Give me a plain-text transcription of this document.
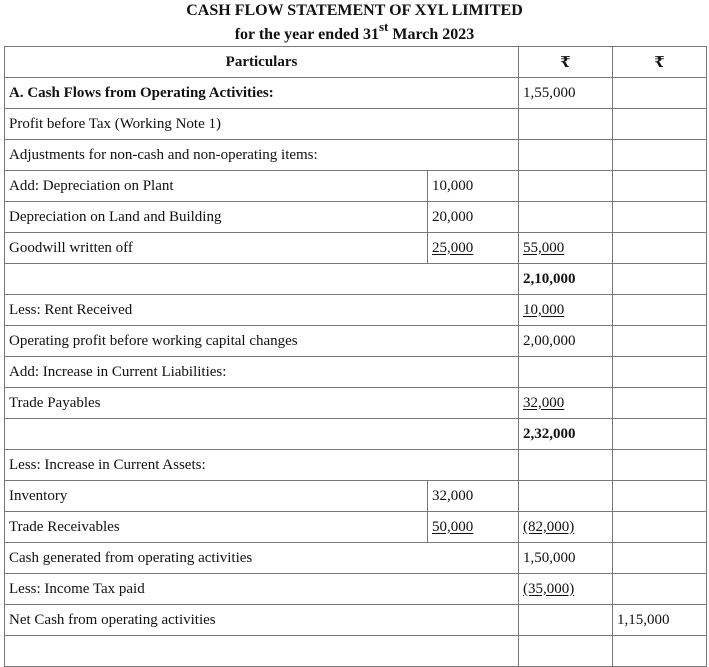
CASH FLOW STATEMENT OF XYL LIMITED
for the year ended 31st March 2023
Particulars		₹	₹
A. Cash Flows from Operating Activities:		1,55,000	
Profit before Tax (Working Note 1)			
Adjustments for non-cash and non-operating items:			
Add: Depreciation on Plant	10,000		
Depreciation on Land and Building	20,000		
Goodwill written off	25,000	55,000	
		2,10,000	
Less: Rent Received		10,000	
Operating profit before working capital changes		2,00,000	
Add: Increase in Current Liabilities:			
Trade Payables		32,000	
		2,32,000	
Less: Increase in Current Assets:			
Inventory	32,000		
Trade Receivables	50,000	(82,000)	
Cash generated from operating activities		1,50,000	
Less: Income Tax paid		(35,000)	
Net Cash from operating activities			1,15,000
